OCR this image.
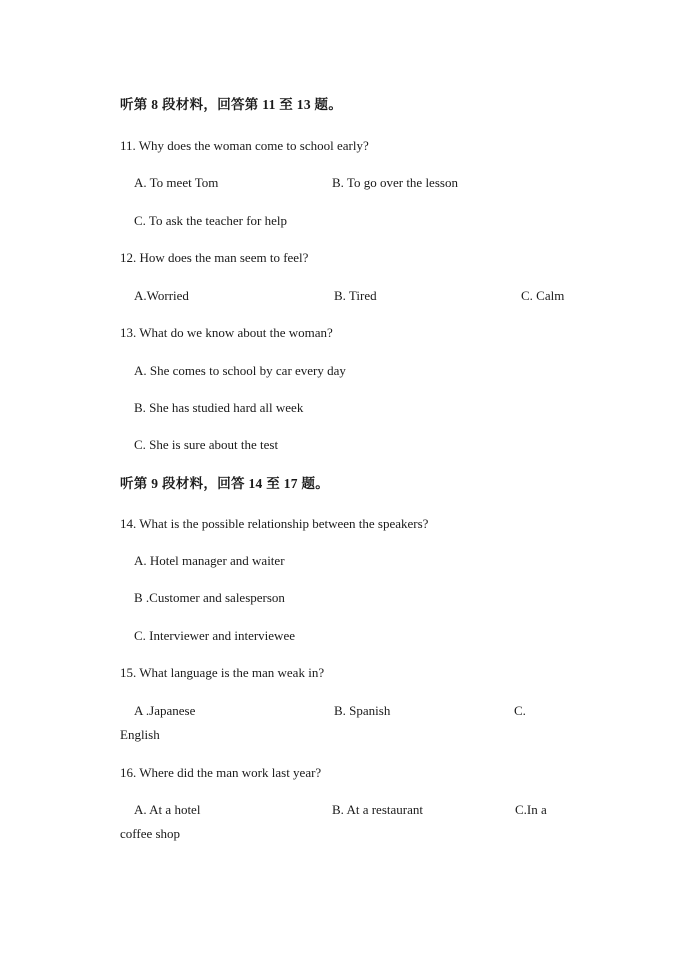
听第 8 段材料，回答第 11 至 13 题。
11. Why does the woman come to school early?
A. To meet Tom	B. To go over the lesson
C. To ask the teacher for help
12. How does the man seem to feel?
A.Worried	B. Tired	C. Calm
13. What do we know about the woman?
A. She comes to school by car every day
B. She has studied hard all week
C. She is sure about the test
听第 9 段材料，回答 14 至 17 题。
14. What is the possible relationship between the speakers?
A. Hotel manager and waiter
B .Customer and salesperson
C. Interviewer and interviewee
15. What language is the man weak in?
A .Japanese	B. Spanish	C.
English
16. Where did the man work last year?
A. At a hotel	B. At a restaurant	C.In a
coffee shop
